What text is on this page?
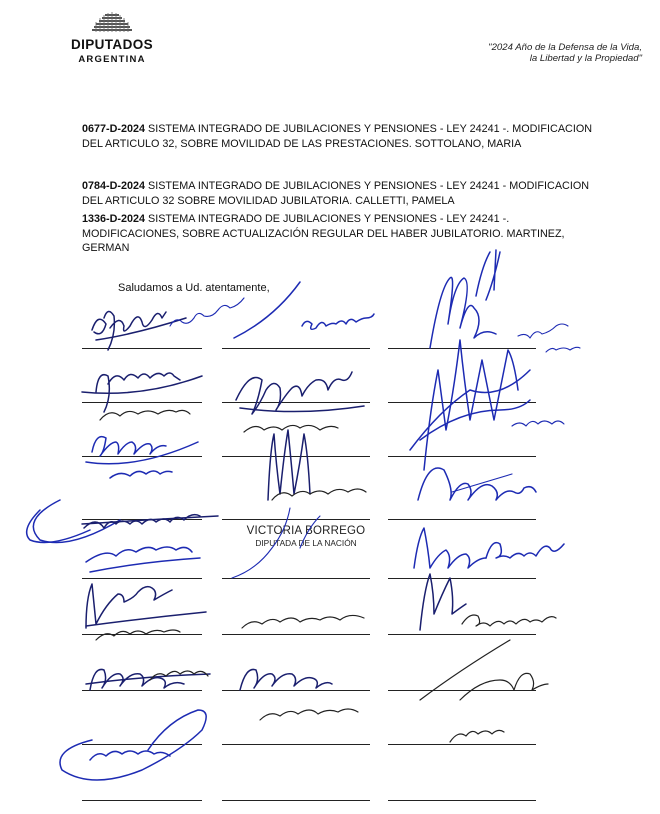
DIPUTADOS
ARGENTINA
"2024 Año de la Defensa de la Vida,
la Libertad y la Propiedad"
0677-D-2024 SISTEMA INTEGRADO DE JUBILACIONES Y PENSIONES - LEY 24241 -. MODIFICACION DEL ARTICULO 32, SOBRE MOVILIDAD DE LAS PRESTACIONES. SOTTOLANO, MARIA
0784-D-2024 SISTEMA INTEGRADO DE JUBILACIONES Y PENSIONES - LEY 24241 - MODIFICACION DEL ARTICULO 32 SOBRE MOVILIDAD JUBILATORIA. CALLETTI, PAMELA
1336-D-2024 SISTEMA INTEGRADO DE JUBILACIONES Y PENSIONES - LEY 24241 -. MODIFICACIONES, SOBRE ACTUALIZACIÓN REGULAR DEL HABER JUBILATORIO. MARTINEZ, GERMAN
Saludamos a Ud. atentamente,
VICTORIA BORREGO
DIPUTADA DE LA NACIÓN
